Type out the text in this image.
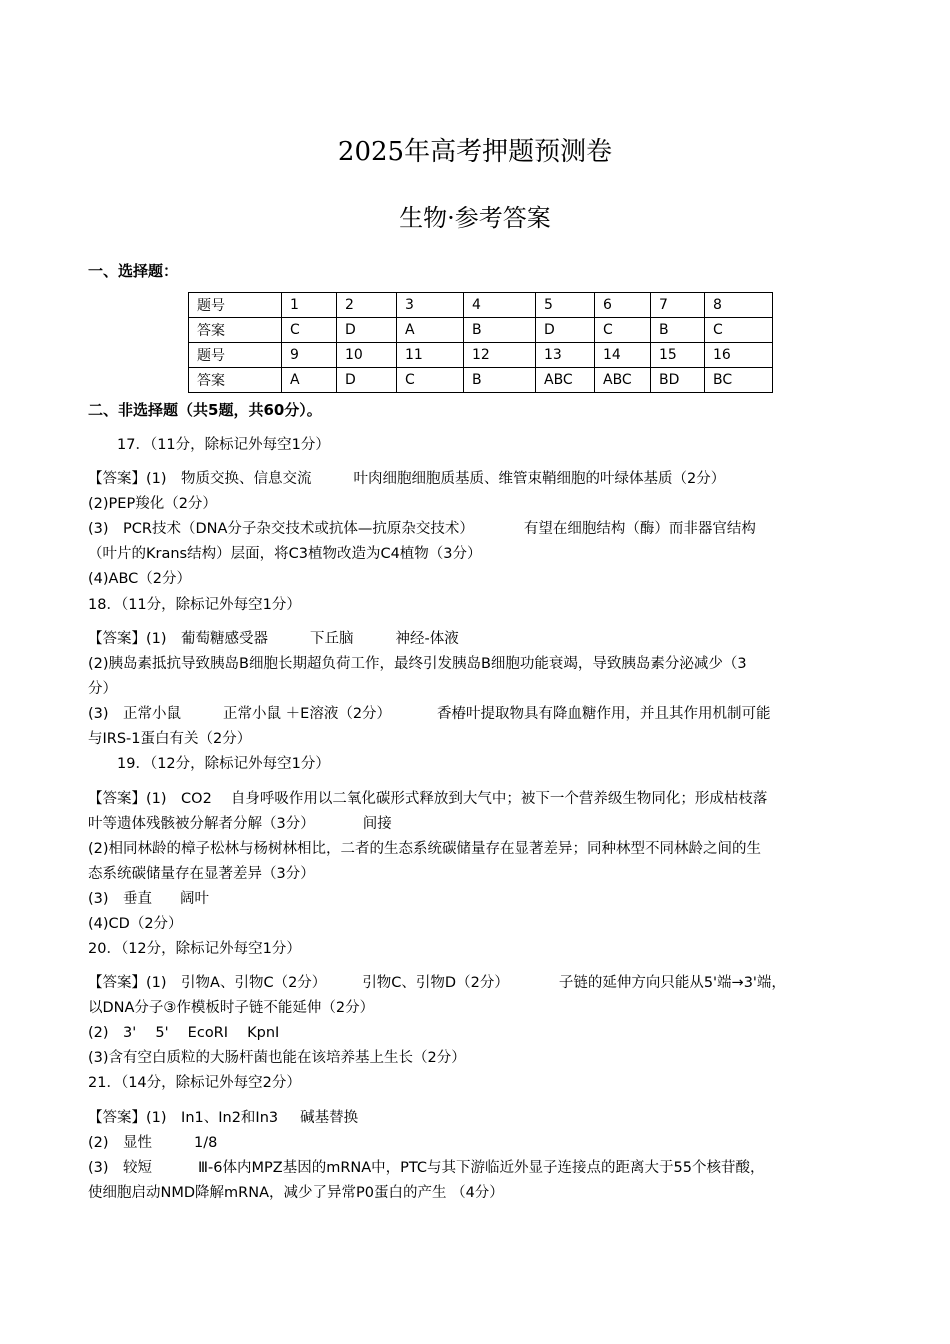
2025年高考押题预测卷
生物·参考答案
一、选择题：
题号	1	2	3	4	5	6	7	8
答案	C	D	A	B	D	C	B	C
题号	9	10	11	12	13	14	15	16
答案	A	D	C	B	ABC	ABC	BD	BC
二、非选择题（共5题，共60分）。
17．（11分，除标记外每空1分）
【答案】(1)　物质交换、信息交流	叶肉细胞细胞质基质、维管束鞘细胞的叶绿体基质（2分）
(2)PEP羧化（2分）
(3)　PCR技术（DNA分子杂交技术或抗体—抗原杂交技术）	有望在细胞结构（酶）而非器官结构
（叶片的Krans结构）层面，将C3植物改造为C4植物（3分）
(4)ABC（2分）
18．（11分，除标记外每空1分）
【答案】(1)　葡萄糖感受器	下丘脑	神经-体液
(2)胰岛素抵抗导致胰岛B细胞长期超负荷工作，最终引发胰岛B细胞功能衰竭，导致胰岛素分泌减少（3
分）
(3)　正常小鼠	正常小鼠 ＋E溶液（2分）	香椿叶提取物具有降血糖作用，并且其作用机制可能
与IRS-1蛋白有关（2分）
19．（12分，除标记外每空1分）
【答案】(1)　CO2　 自身呼吸作用以二氧化碳形式释放到大气中；被下一个营养级生物同化；形成枯枝落
叶等遗体残骸被分解者分解（3分）	间接
(2)相同林龄的樟子松林与杨树林相比，二者的生态系统碳储量存在显著差异；同种林型不同林龄之间的生
态系统碳储量存在显著差异（3分）
(3)　垂直 阔叶
(4)CD（2分）
20．（12分，除标记外每空1分）
【答案】(1)　引物A、引物C（2分） 引物C、引物D（2分）	子链的延伸方向只能从5'端→3'端，
以DNA分子③作模板时子链不能延伸（2分）
(2)　3'　 5'　 EcoRI　 KpnI
(3)含有空白质粒的大肠杆菌也能在该培养基上生长（2分）
21．（14分，除标记外每空2分）
【答案】(1)　In1、In2和In3 碱基替换
(2)　显性	1/8
(3)　较短	Ⅲ-6体内MPZ基因的mRNA中，PTC与其下游临近外显子连接点的距离大于55个核苷酸，
使细胞启动NMD降解mRNA，减少了异常P0蛋白的产生 （4分）
